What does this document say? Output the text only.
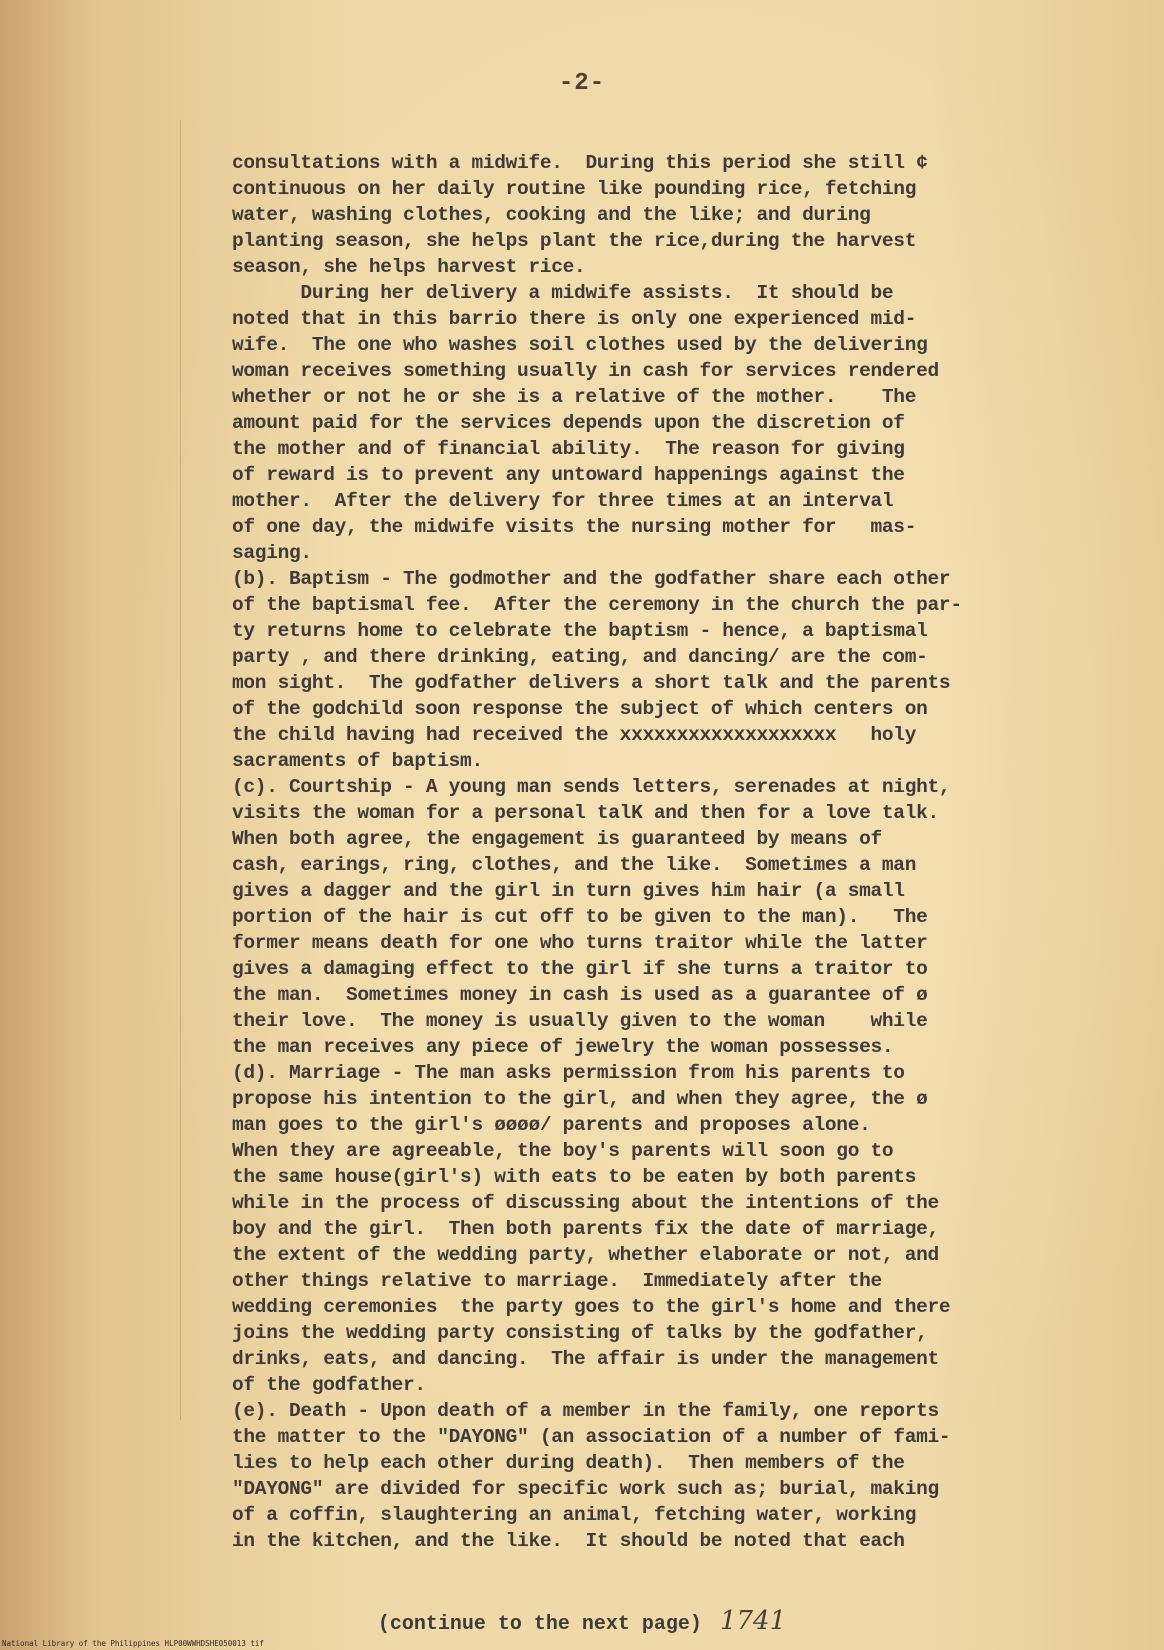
-2-
consultations with a midwife.  During this period she still ¢
continuous on her daily routine like pounding rice, fetching
water, washing clothes, cooking and the like; and during
planting season, she helps plant the rice,during the harvest
season, she helps harvest rice.
During her delivery a midwife assists.  It should be
noted that in this barrio there is only one experienced mid-
wife.  The one who washes soil clothes used by the delivering
woman receives something usually in cash for services rendered
whether or not he or she is a relative of the mother.    The
amount paid for the services depends upon the discretion of
the mother and of financial ability.  The reason for giving
of reward is to prevent any untoward happenings against the
mother.  After the delivery for three times at an interval
of one day, the midwife visits the nursing mother for   mas-
saging.
(b). Baptism - The godmother and the godfather share each other
of the baptismal fee.  After the ceremony in the church the par-
ty returns home to celebrate the baptism - hence, a baptismal
party , and there drinking, eating, and dancing/ are the com-
mon sight.  The godfather delivers a short talk and the parents
of the godchild soon response the subject of which centers on
the child having had received the xxxxxxxxxxxxxxxxxxx   holy
sacraments of baptism.
(c). Courtship - A young man sends letters, serenades at night,
visits the woman for a personal talK and then for a love talk.
When both agree, the engagement is guaranteed by means of
cash, earings, ring, clothes, and the like.  Sometimes a man
gives a dagger and the girl in turn gives him hair (a small
portion of the hair is cut off to be given to the man).   The
former means death for one who turns traitor while the latter
gives a damaging effect to the girl if she turns a traitor to
the man.  Sometimes money in cash is used as a guarantee of ø
their love.  The money is usually given to the woman    while
the man receives any piece of jewelry the woman possesses.
(d). Marriage - The man asks permission from his parents to
propose his intention to the girl, and when they agree, the ø
man goes to the girl's øøøø/ parents and proposes alone.
When they are agreeable, the boy's parents will soon go to
the same house(girl's) with eats to be eaten by both parents
while in the process of discussing about the intentions of the
boy and the girl.  Then both parents fix the date of marriage,
the extent of the wedding party, whether elaborate or not, and
other things relative to marriage.  Immediately after the
wedding ceremonies  the party goes to the girl's home and there
joins the wedding party consisting of talks by the godfather,
drinks, eats, and dancing.  The affair is under the management
of the godfather.
(e). Death - Upon death of a member in the family, one reports
the matter to the "DAYONG" (an association of a number of fami-
lies to help each other during death).  Then members of the
"DAYONG" are divided for specific work such as; burial, making
of a coffin, slaughtering an animal, fetching water, working
in the kitchen, and the like.  It should be noted that each
(continue to the next page) 1741
National Library of the Philippines HLP00WWHDSHE050013 tif
